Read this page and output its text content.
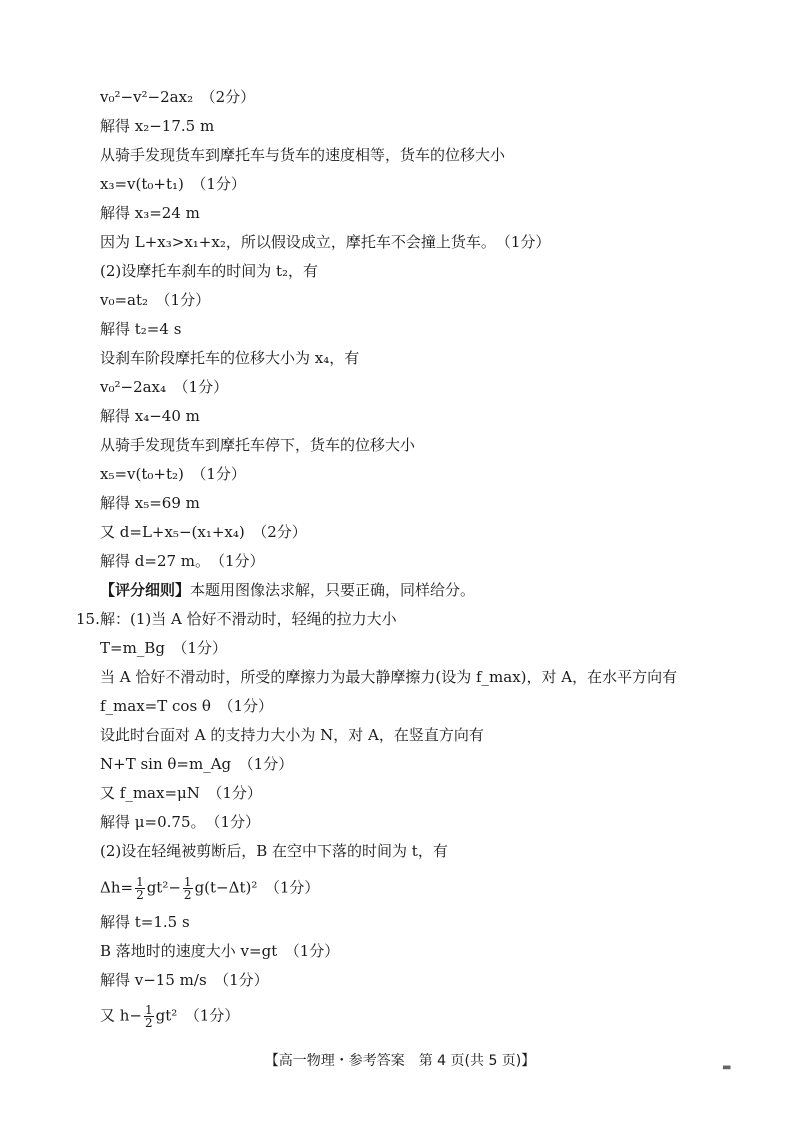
v₀²−v²−2ax₂　（2分）
解得 x₂−17.5 m
从骑手发现货车到摩托车与货车的速度相等，货车的位移大小
x₃=v(t₀+t₁)　（1分）
解得 x₃=24 m
因为 L+x₃>x₁+x₂，所以假设成立，摩托车不会撞上货车。　（1分）
(2)设摩托车刹车的时间为 t₂，有
v₀=at₂　（1分）
解得 t₂=4 s
设刹车阶段摩托车的位移大小为 x₄，有
v₀²−2ax₄　（1分）
解得 x₄−40 m
从骑手发现货车到摩托车停下，货车的位移大小
x₅=v(t₀+t₂)　（1分）
解得 x₅=69 m
又 d=L+x₅−(x₁+x₄)　（2分）
解得 d=27 m。　（1分）
【评分细则】本题用图像法求解，只要正确，同样给分。
15. 解：(1)当 A 恰好不滑动时，轻绳的拉力大小
T=m_Bg　（1分）
当 A 恰好不滑动时，所受的摩擦力为最大静摩擦力(设为 f_max)，对 A，在水平方向有
f_max=T cos θ　（1分）
设此时台面对 A 的支持力大小为 N，对 A，在竖直方向有
N+T sin θ=m_Ag　（1分）
又 f_max=μN　（1分）
解得 μ=0.75。　（1分）
(2)设在轻绳被剪断后，B 在空中下落的时间为 t，有
$\Delta h= \frac{1}{2} gt^2- \frac{1}{2} g(t-\Delta t)^2$　（1分）
解得 t=1.5 s
B 落地时的速度大小 v=gt　（1分）
解得 v−15 m/s　（1分）
又 $h- \frac{1}{2} gt^2$　（1分）
【高一物理・参考答案　第 4 页(共 5 页)】	▬
